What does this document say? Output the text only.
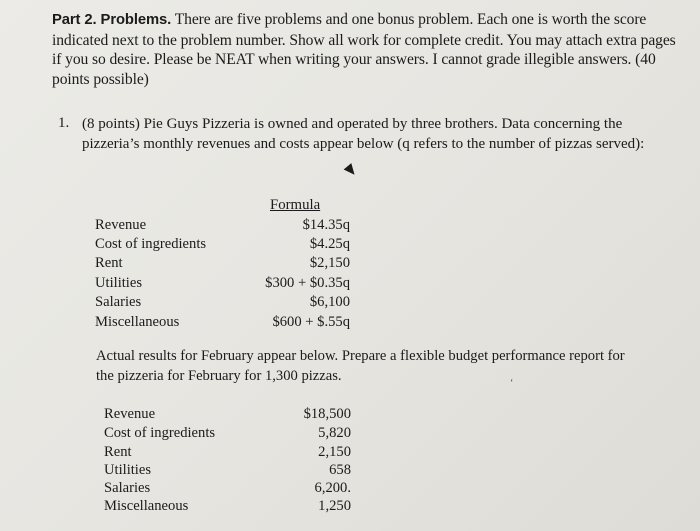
Part 2. Problems. There are five problems and one bonus problem. Each one is worth the score indicated next to the problem number. Show all work for complete credit. You may attach extra pages if you so desire. Please be NEAT when writing your answers. I cannot grade illegible answers. (40 points possible)
1. (8 points) Pie Guys Pizzeria is owned and operated by three brothers. Data concerning the pizzeria’s monthly revenues and costs appear below (q refers to the number of pizzas served):
Formula
Revenue	$14.35q
Cost of ingredients	$4.25q
Rent	$2,150
Utilities	$300 + $0.35q
Salaries	$6,100
Miscellaneous	$600 + $.55q
Actual results for February appear below. Prepare a flexible budget performance report for the pizzeria for February for 1,300 pizzas.	‘
Revenue	$18,500
Cost of ingredients	5,820
Rent	2,150
Utilities	658
Salaries	6,200.
Miscellaneous	1,250
